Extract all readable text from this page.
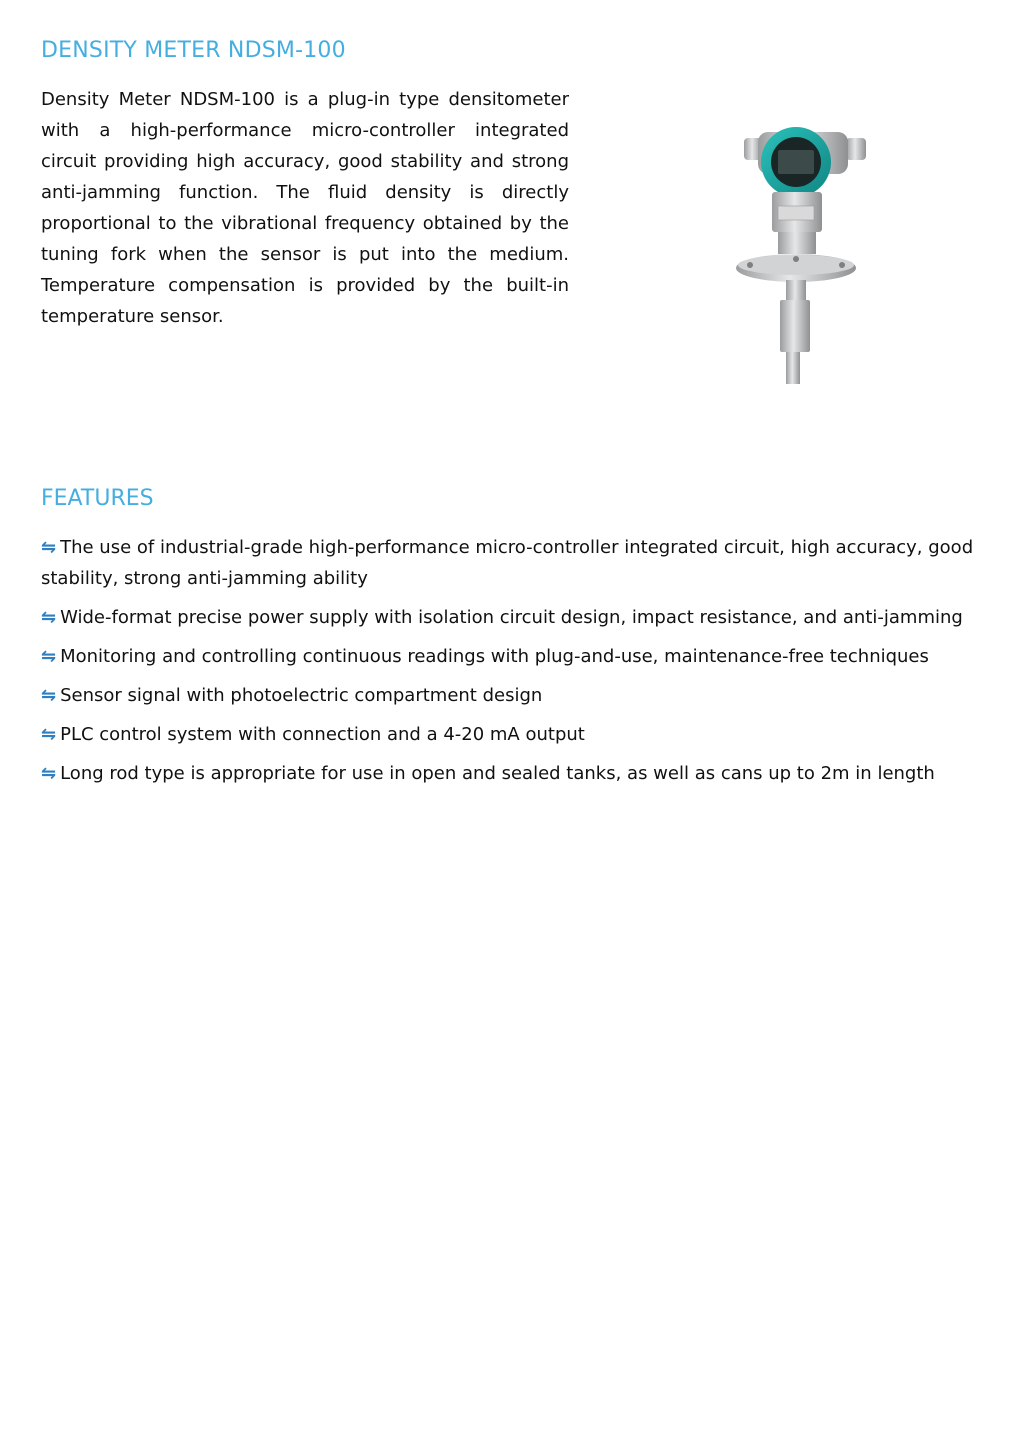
DENSITY METER NDSM-100

Density Meter NDSM-100 is a plug-in type densitometer with a high-performance micro-controller integrated circuit providing high accuracy, good stability and strong anti-jamming function. The fluid density is directly proportional to the vibrational frequency obtained by the tuning fork when the sensor is put into the medium. Temperature compensation is provided by the built-in temperature sensor.

FEATURES
⇋ The use of industrial-grade high-performance micro-controller integrated circuit, high accuracy, good stability, strong anti-jamming ability
⇋ Wide-format precise power supply with isolation circuit design, impact resistance, and anti-jamming
⇋ Monitoring and controlling continuous readings with plug-and-use, maintenance-free techniques
⇋ Sensor signal with photoelectric compartment design
⇋ PLC control system with connection and a 4-20 mA output
⇋ Long rod type is appropriate for use in open and sealed tanks, as well as cans up to 2m in length
